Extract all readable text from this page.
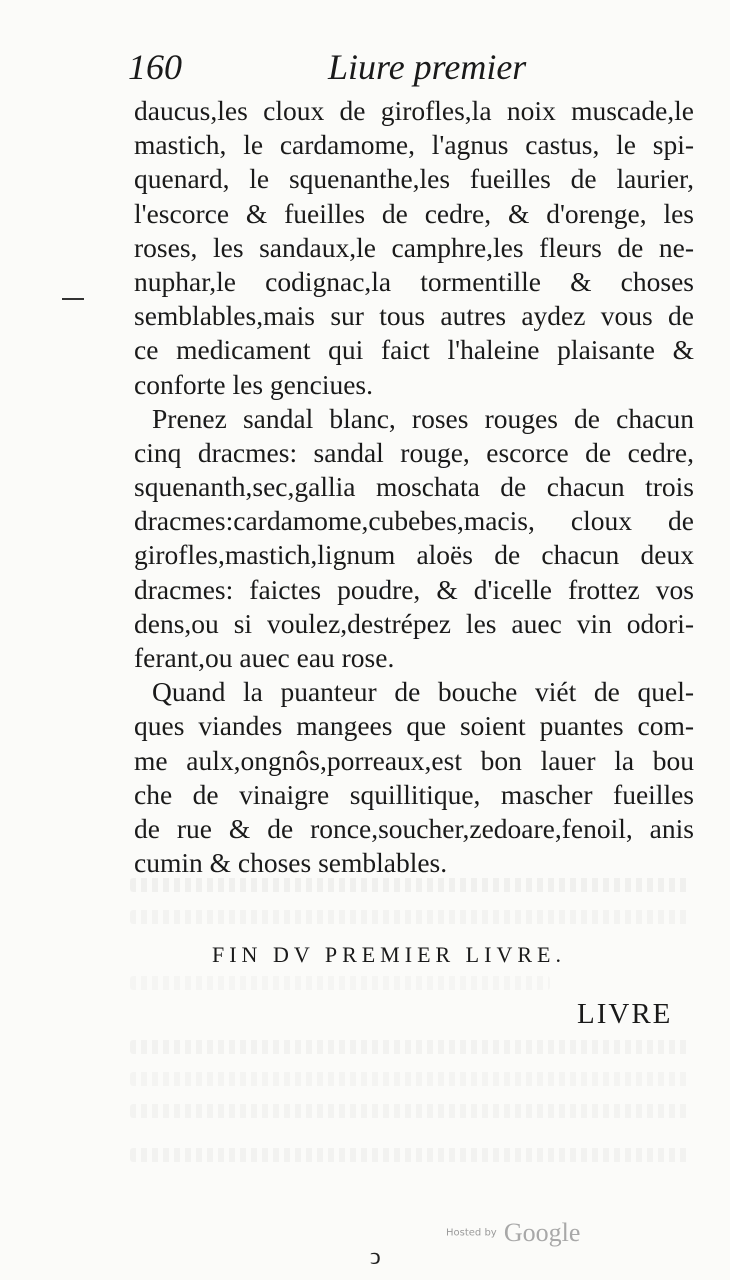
160	Liure premier
daucus,les cloux de girofles,la noix muscade,le
mastich, le cardamome, l'agnus castus, le spi-
quenard, le squenanthe,les fueilles de laurier,
l'escorce & fueilles de cedre, & d'orenge, les
roses, les sandaux,le camphre,les fleurs de ne-
nuphar,le codignac,la tormentille & choses
semblables,mais sur tous autres aydez vous de
ce medicament qui faict l'haleine plaisante &
conforte les genciues.
Prenez sandal blanc, roses rouges de chacun
cinq dracmes: sandal rouge, escorce de cedre,
squenanth,sec,gallia moschata de chacun trois
dracmes:cardamome,cubebes,macis, cloux de
girofles,mastich,lignum aloës de chacun deux
dracmes: faictes poudre, & d'icelle frottez vos
dens,ou si voulez,destrépez les auec vin odori-
ferant,ou auec eau rose.
Quand la puanteur de bouche viét de quel-
ques viandes mangees que soient puantes com-
me aulx,ongnôs,porreaux,est bon lauer la bou
che de vinaigre squillitique, mascher fueilles
de rue & de ronce,soucher,zedoare,fenoil, anis
cumin & choses semblables.
FIN DV PREMIER LIVRE.
LIVRE
Hosted by Google
ↄ
